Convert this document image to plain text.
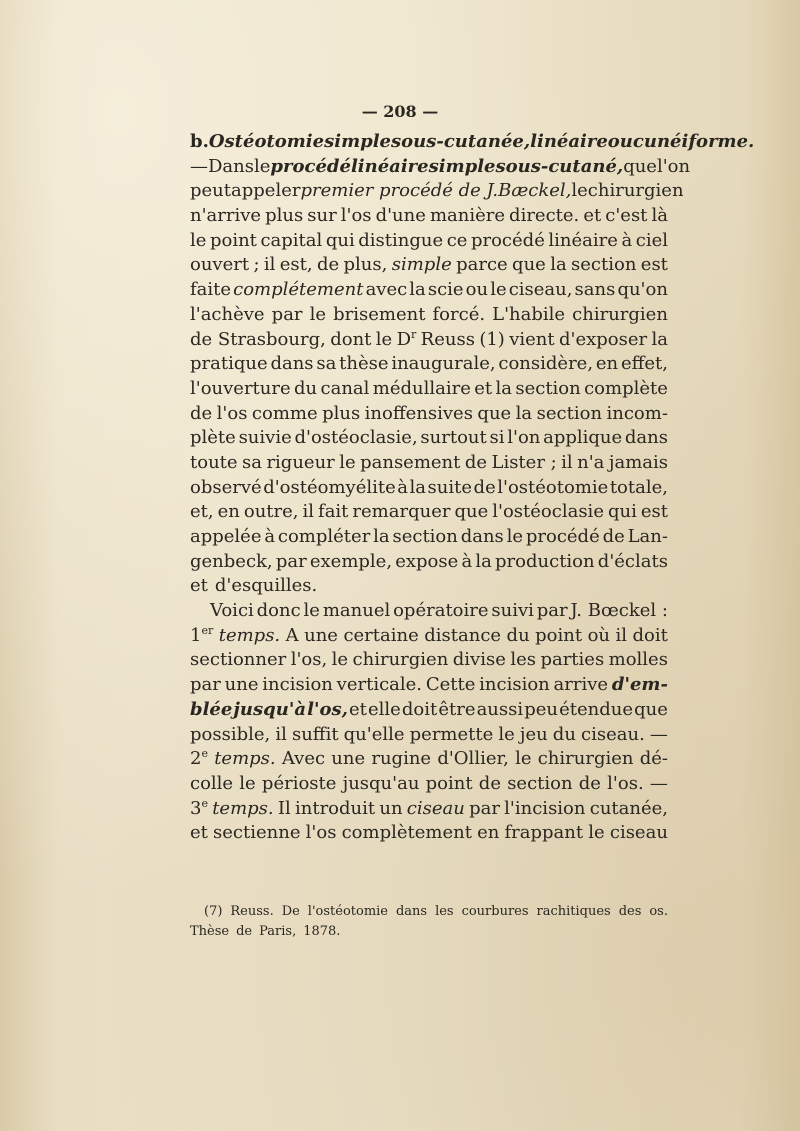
— 208 —
b. Ostéotomie simple sous-cutanée, linéaire ou cunéiforme.
— Dans le procédé linéaire simple sous-cutané, que l'on
peut appeler premier procédé de J. Bæckel, le chirurgien
n'arrive plus sur l'os d'une manière directe. et c'est là
le point capital qui distingue ce procédé linéaire à ciel
ouvert ; il est, de plus, simple parce que la section est
faite complétement avec la scie ou le ciseau, sans qu'on
l'achève par le brisement forcé. L'habile chirurgien
de Strasbourg, dont le $D^r$ Reuss (1) vient d'exposer la
pratique dans sa thèse inaugurale, considère, en effet,
l'ouverture du canal médullaire et la section complète
de l'os comme plus inoffensives que la section incom-
plète suivie d'ostéoclasie, surtout si l'on applique dans
toute sa rigueur le pansement de Lister ; il n'a jamais
observé d'ostéomyélite à la suite de l'ostéotomie totale,
et, en outre, il fait remarquer que l'ostéoclasie qui est
appelée à compléter la section dans le procédé de Lan-
genbeck, par exemple, expose à la production d'éclats
et d'esquilles.
Voici donc le manuel opératoire suivi par J. Bœckel :
1er temps. A une certaine distance du point où il doit
sectionner l'os, le chirurgien divise les parties molles
par une incision verticale. Cette incision arrive d'em-
blée jusqu'à l'os, et elle doit être aussi peu étendue que
possible, il suffit qu'elle permette le jeu du ciseau. —
2e temps. Avec une rugine d'Ollier, le chirurgien dé-
colle le périoste jusqu'au point de section de l'os. —
3e temps. Il introduit un ciseau par l'incision cutanée,
et sectienne l'os complètement en frappant le ciseau
(7) Reuss. De l'ostéotomie dans les courbures rachitiques des os.
Thèse de Paris, 1878.
